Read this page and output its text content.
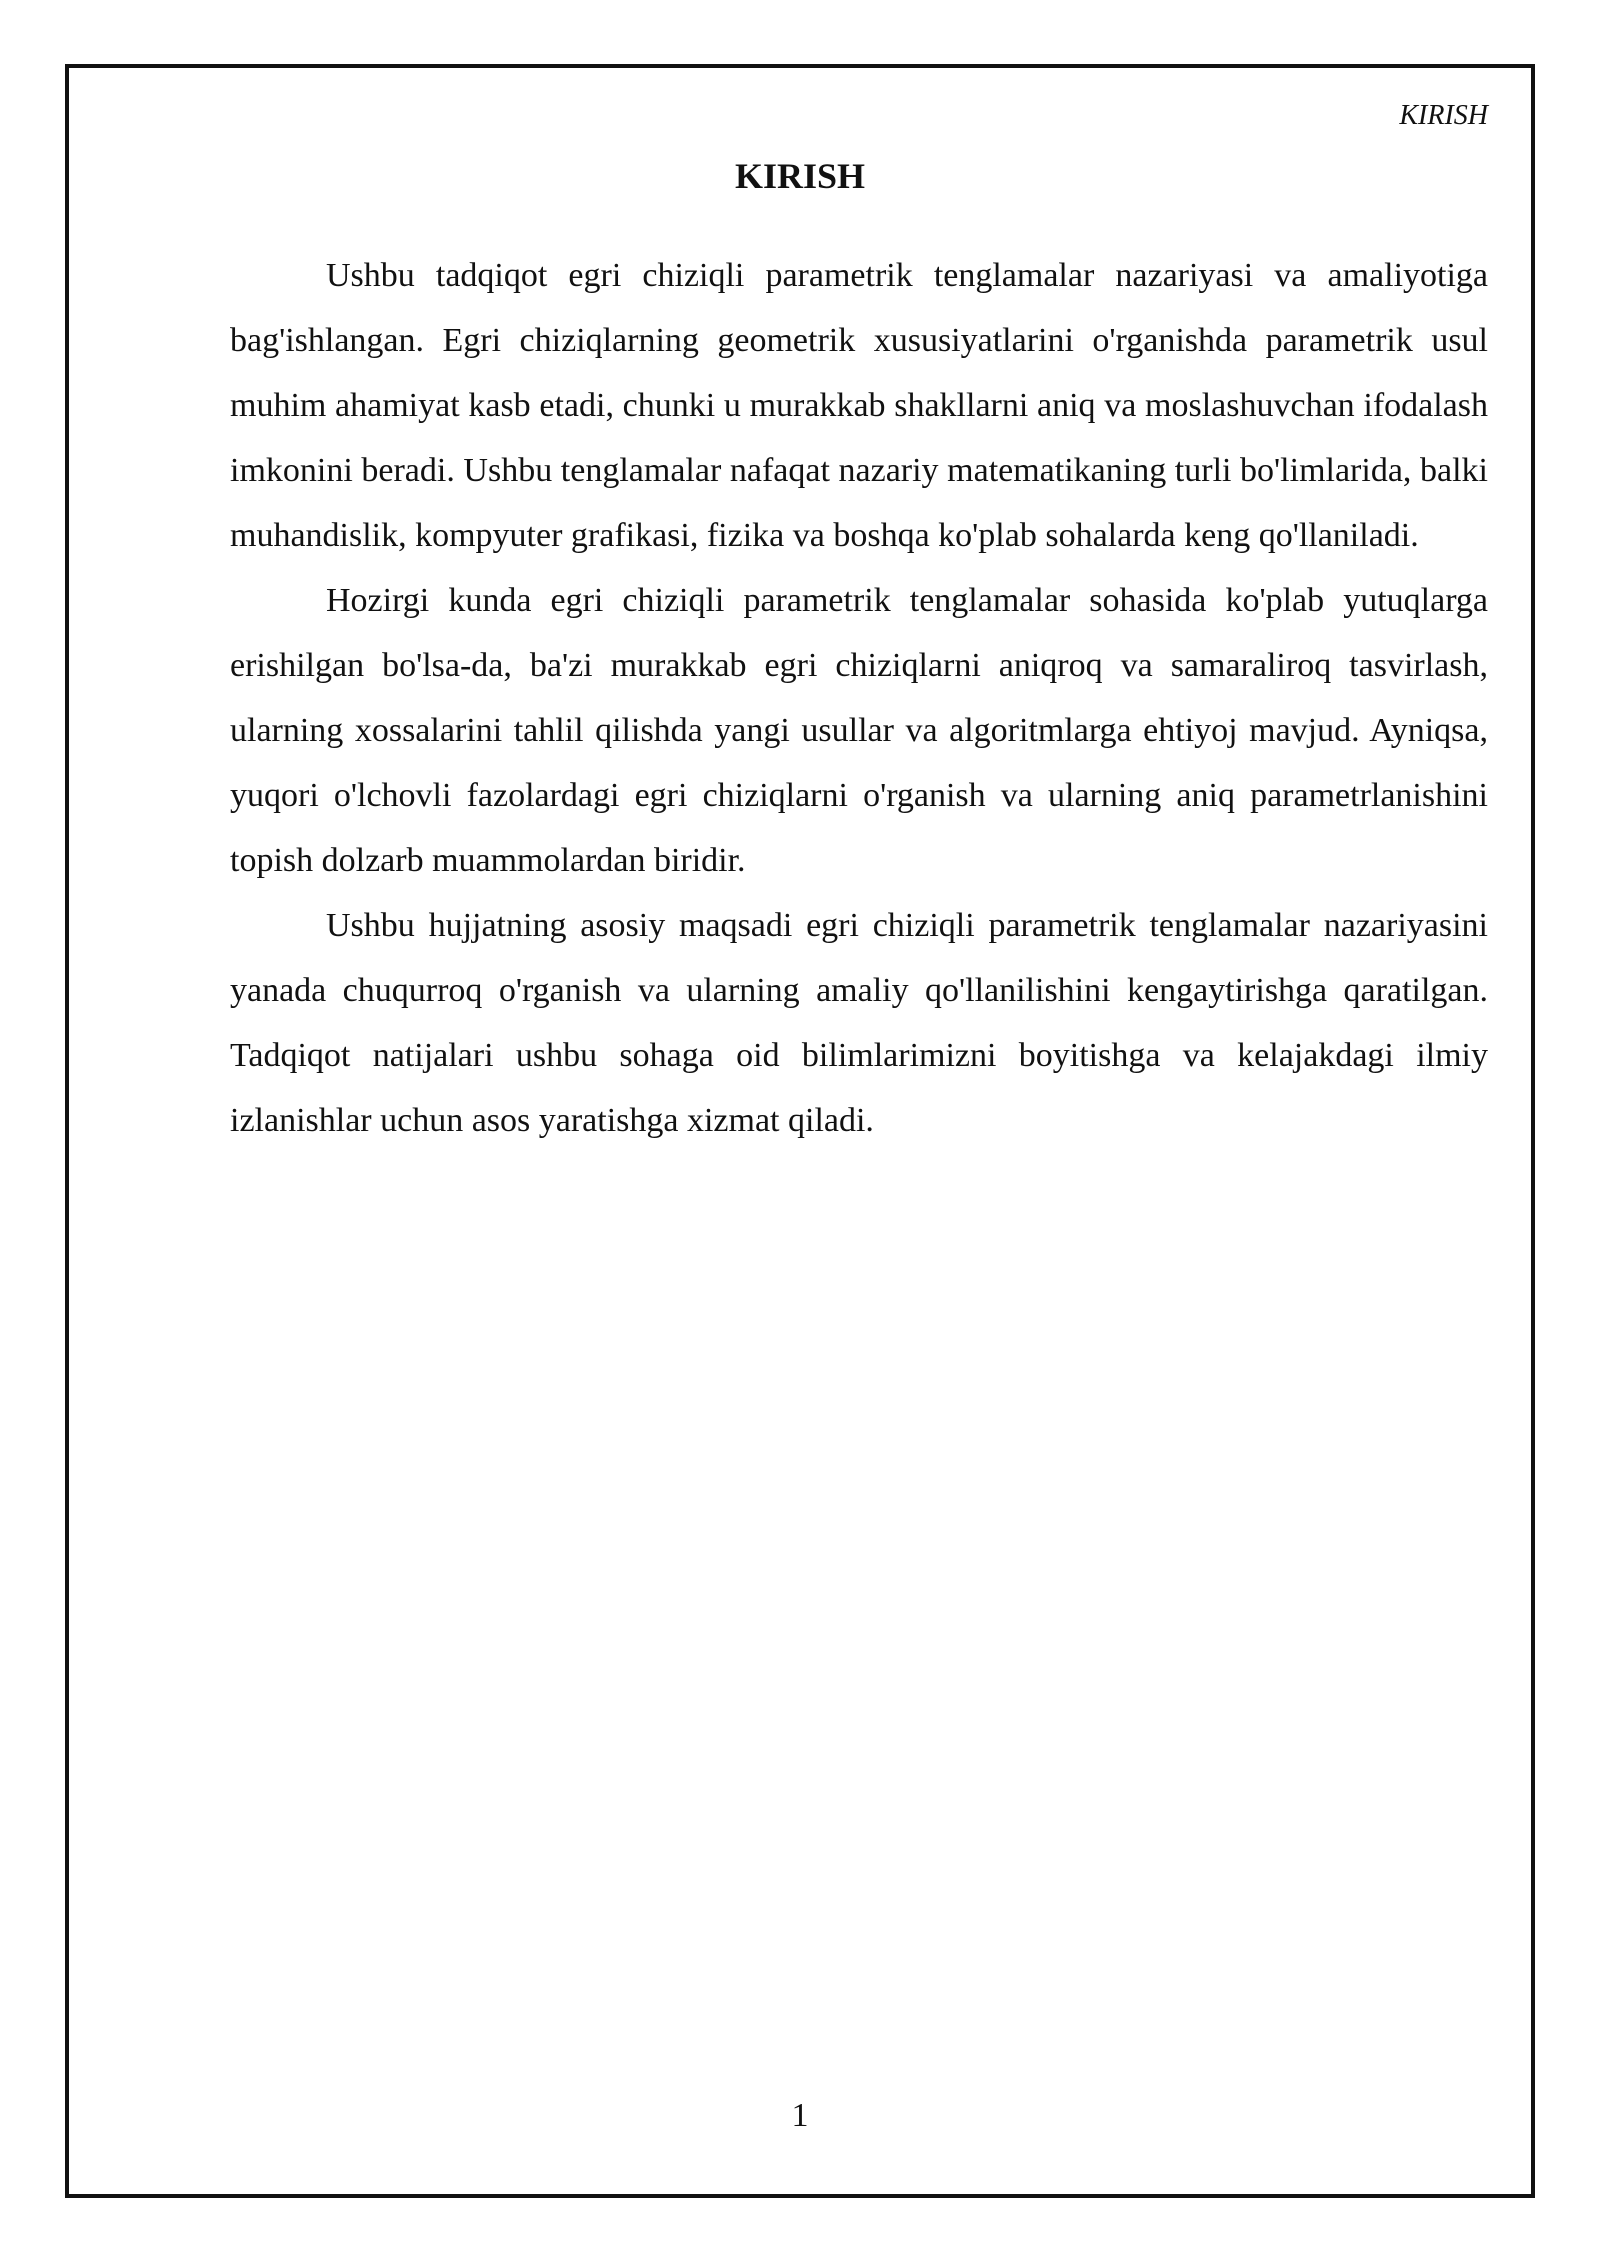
KIRISH
KIRISH

Ushbu tadqiqot egri chiziqli parametrik tenglamalar nazariyasi va amaliyotiga bag'ishlangan. Egri chiziqlarning geometrik xususiyatlarini o'rganishda parametrik usul muhim ahamiyat kasb etadi, chunki u murakkab shakllarni aniq va moslashuvchan ifodalash imkonini beradi. Ushbu tenglamalar nafaqat nazariy matematikaning turli bo'limlarida, balki muhandislik, kompyuter grafikasi, fizika va boshqa ko'plab sohalarda keng qo'llaniladi.

Hozirgi kunda egri chiziqli parametrik tenglamalar sohasida ko'plab yutuqlarga erishilgan bo'lsa-da, ba'zi murakkab egri chiziqlarni aniqroq va samaraliroq tasvirlash, ularning xossalarini tahlil qilishda yangi usullar va algoritmlarga ehtiyoj mavjud. Ayniqsa, yuqori o'lchovli fazolardagi egri chiziqlarni o'rganish va ularning aniq parametrlanishini topish dolzarb muammolardan biridir.

Ushbu hujjatning asosiy maqsadi egri chiziqli parametrik tenglamalar nazariyasini yanada chuqurroq o'rganish va ularning amaliy qo'llanilishini kengaytirishga qaratilgan. Tadqiqot natijalari ushbu sohaga oid bilimlarimizni boyitishga va kelajakdagi ilmiy izlanishlar uchun asos yaratishga xizmat qiladi.

1
